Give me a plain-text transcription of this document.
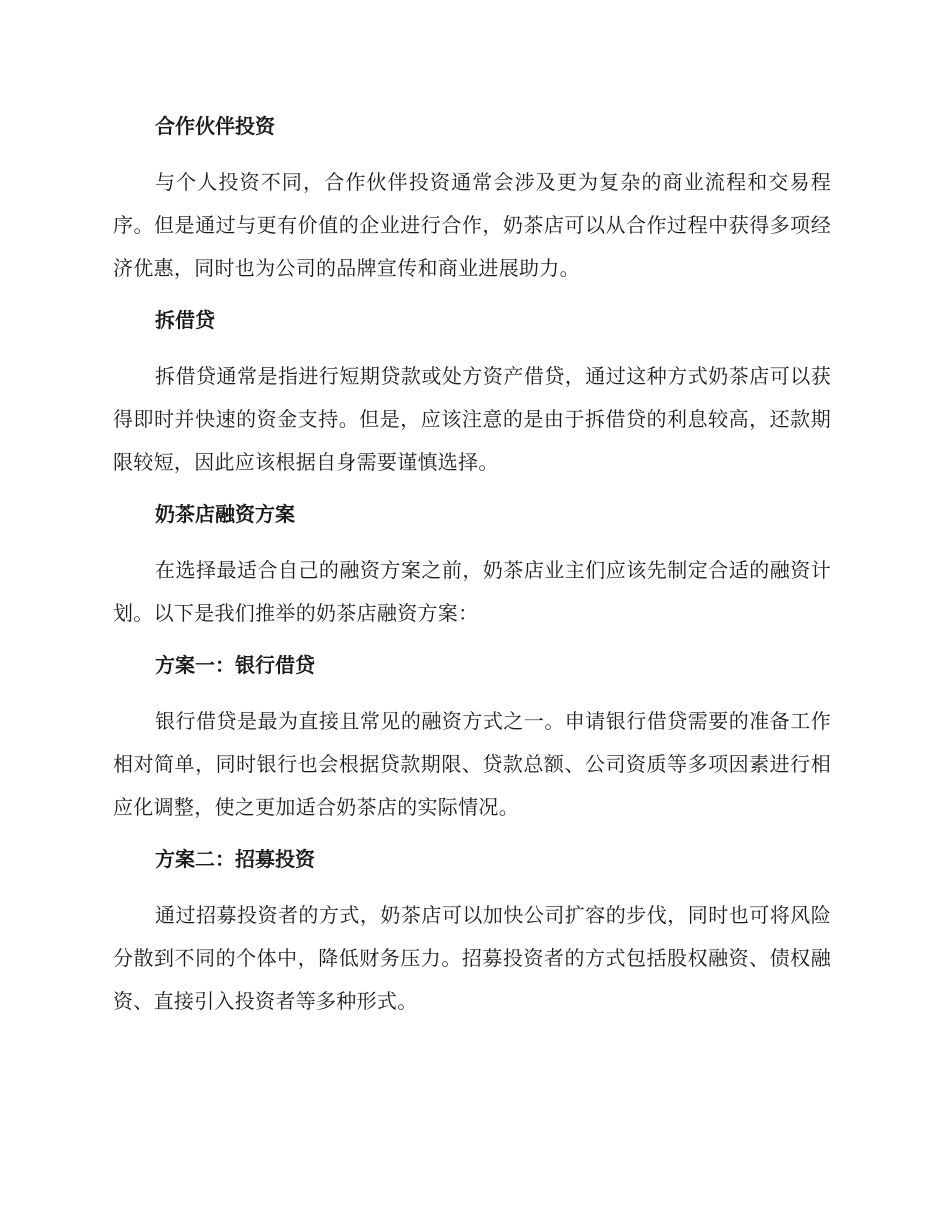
合作伙伴投资

与个人投资不同，合作伙伴投资通常会涉及更为复杂的商业流程和交易程序。但是通过与更有价值的企业进行合作，奶茶店可以从合作过程中获得多项经济优惠，同时也为公司的品牌宣传和商业进展助力。

拆借贷

拆借贷通常是指进行短期贷款或处方资产借贷，通过这种方式奶茶店可以获得即时并快速的资金支持。但是，应该注意的是由于拆借贷的利息较高，还款期限较短，因此应该根据自身需要谨慎选择。

奶茶店融资方案

在选择最适合自己的融资方案之前，奶茶店业主们应该先制定合适的融资计划。以下是我们推举的奶茶店融资方案：

方案一：银行借贷

银行借贷是最为直接且常见的融资方式之一。申请银行借贷需要的准备工作相对简单，同时银行也会根据贷款期限、贷款总额、公司资质等多项因素进行相应化调整，使之更加适合奶茶店的实际情况。

方案二：招募投资

通过招募投资者的方式，奶茶店可以加快公司扩容的步伐，同时也可将风险分散到不同的个体中，降低财务压力。招募投资者的方式包括股权融资、债权融资、直接引入投资者等多种形式。
